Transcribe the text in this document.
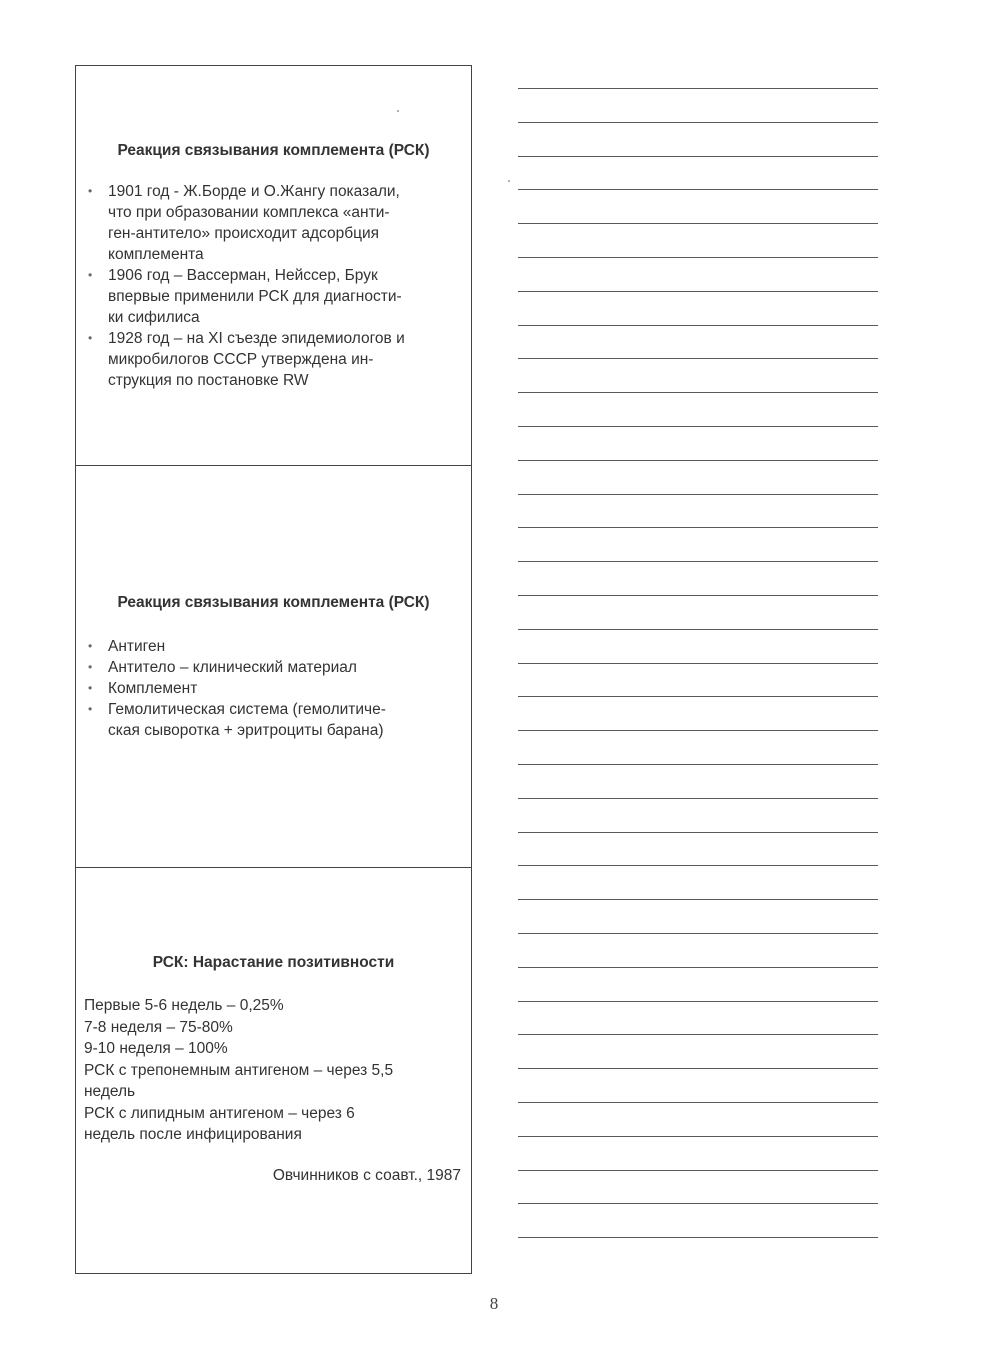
Реакция связывания комплемента (РСК)
• 1901 год - Ж.Борде и О.Жангу показали,
что при образовании комплекса «анти-
ген-антитело» происходит адсорбция
комплемента
• 1906 год – Вассерман, Нейссер, Брук
впервые применили РСК для диагности-
ки сифилиса
• 1928 год – на XI съезде эпидемиологов и
микробилогов СССР утверждена ин-
струкция по постановке RW
Реакция связывания комплемента (РСК)
• Антиген
• Антитело – клинический материал
• Комплемент
• Гемолитическая система (гемолитиче-
ская сыворотка + эритроциты барана)
РСК: Нарастание позитивности

Первые 5-6 недель – 0,25%

7-8 неделя – 75-80%

9-10 неделя – 100%

РСК с трепонемным антигеном – через 5,5

недель

РСК с липидным антигеном – через 6

недель после инфицирования

Овчинников с соавт., 1987
8
